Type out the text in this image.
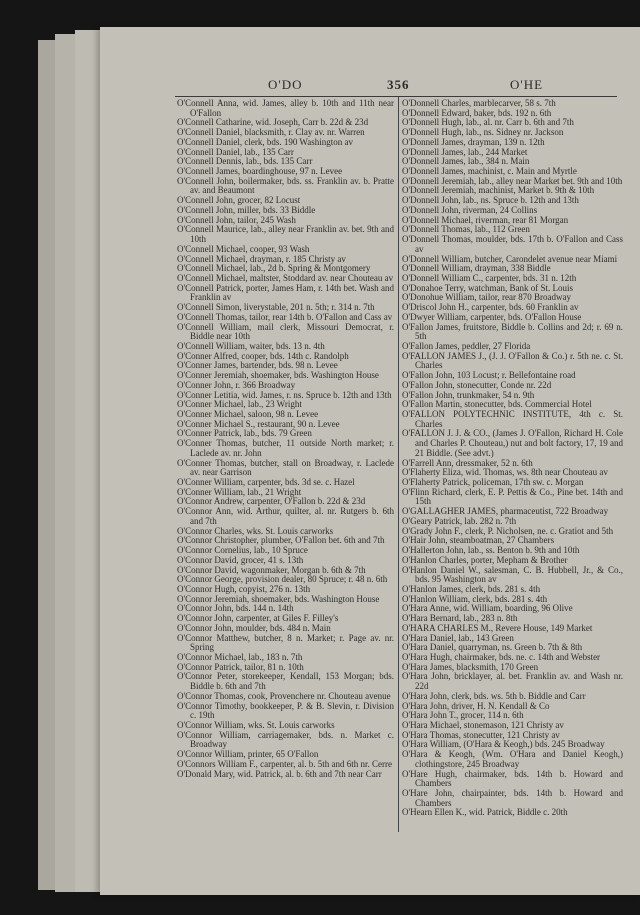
O'DO	356	O'HE
O'Connell Anna, wid. James, alley b. 10th and 11th near O'Fallon
O'Connell Catharine, wid. Joseph, Carr b. 22d & 23d
O'Connell Daniel, blacksmith, r. Clay av. nr. Warren
O'Connell Daniel, clerk, bds. 190 Washington av
O'Connell Daniel, lab., 135 Carr
O'Connell Dennis, lab., bds. 135 Carr
O'Connell James, boardinghouse, 97 n. Levee
O'Connell John, boilermaker, bds. ss. Franklin av. b. Pratte av. and Beaumont
O'Connell John, grocer, 82 Locust
O'Connell John, miller, bds. 33 Biddle
O'Connell John, tailor, 245 Wash
O'Connell Maurice, lab., alley near Franklin av. bet. 9th and 10th
O'Connell Michael, cooper, 93 Wash
O'Connell Michael, drayman, r. 185 Christy av
O'Connell Michael, lab., 2d b. Spring & Montgomery
O'Connell Michael, maltster, Stoddard av. near Chouteau av
O'Connell Patrick, porter, James Ham, r. 14th bet. Wash and Franklin av
O'Connell Simon, liverystable, 201 n. 5th; r. 314 n. 7th
O'Connell Thomas, tailor, rear 14th b. O'Fallon and Cass av
O'Connell William, mail clerk, Missouri Democrat, r. Biddle near 10th
O'Connell William, waiter, bds. 13 n. 4th
O'Conner Alfred, cooper, bds. 14th c. Randolph
O'Conner James, bartender, bds. 98 n. Levee
O'Conner Jeremiah, shoemaker, bds. Washington House
O'Conner John, r. 366 Broadway
O'Conner Letitia, wid. James, r. ns. Spruce b. 12th and 13th
O'Conner Michael, lab., 23 Wright
O'Conner Michael, saloon, 98 n. Levee
O'Conner Michael S., restaurant, 90 n. Levee
O'Conner Patrick, lab., bds. 79 Green
O'Conner Thomas, butcher, 11 outside North market; r. Laclede av. nr. John
O'Conner Thomas, butcher, stall on Broadway, r. Laclede av. near Garrison
O'Conner William, carpenter, bds. 3d se. c. Hazel
O'Conner William, lab., 21 Wright
O'Connor Andrew, carpenter, O'Fallon b. 22d & 23d
O'Connor Ann, wid. Arthur, quilter, al. nr. Rutgers b. 6th and 7th
O'Connor Charles, wks. St. Louis carworks
O'Connor Christopher, plumber, O'Fallon bet. 6th and 7th
O'Connor Cornelius, lab., 10 Spruce
O'Connor David, grocer, 41 s. 13th
O'Connor David, wagonmaker, Morgan b. 6th & 7th
O'Connor George, provision dealer, 80 Spruce; r. 48 n. 6th
O'Connor Hugh, copyist, 276 n. 13th
O'Connor Jeremiah, shoemaker, bds. Washington House
O'Connor John, bds. 144 n. 14th
O'Connor John, carpenter, at Giles F. Filley's
O'Connor John, moulder, bds. 484 n. Main
O'Connor Matthew, butcher, 8 n. Market; r. Page av. nr. Spring
O'Connor Michael, lab., 183 n. 7th
O'Connor Patrick, tailor, 81 n. 10th
O'Connor Peter, storekeeper, Kendall, 153 Morgan; bds. Biddle b. 6th and 7th
O'Connor Thomas, cook, Provenchere nr. Chouteau avenue
O'Connor Timothy, bookkeeper, P. & B. Slevin, r. Division c. 19th
O'Connor William, wks. St. Louis carworks
O'Connor William, carriagemaker, bds. n. Market c. Broadway
O'Connor William, printer, 65 O'Fallon
O'Connors William F., carpenter, al. b. 5th and 6th nr. Cerre
O'Donald Mary, wid. Patrick, al. b. 6th and 7th near Carr
O'Donnell Charles, marblecarver, 58 s. 7th
O'Donnell Edward, baker, bds. 192 n. 6th
O'Donnell Hugh, lab., al. nr. Carr b. 6th and 7th
O'Donnell Hugh, lab., ns. Sidney nr. Jackson
O'Donnell James, drayman, 139 n. 12th
O'Donnell James, lab., 244 Market
O'Donnell James, lab., 384 n. Main
O'Donnell James, machinist, c. Main and Myrtle
O'Donnell Jeremiah, lab., alley near Market bet. 9th and 10th
O'Donnell Jeremiah, machinist, Market b. 9th & 10th
O'Donnell John, lab., ns. Spruce b. 12th and 13th
O'Donnell John, riverman, 24 Collins
O'Donnell Michael, riverman, rear 81 Morgan
O'Donnell Thomas, lab., 112 Green
O'Donnell Thomas, moulder, bds. 17th b. O'Fallon and Cass av
O'Donnell William, butcher, Carondelet avenue near Miami
O'Donnell William, drayman, 338 Biddle
O'Donnell William C., carpenter, bds. 31 n. 12th
O'Donahoe Terry, watchman, Bank of St. Louis
O'Donohue William, tailor, rear 870 Broadway
O'Driscol John H., carpenter, bds. 60 Franklin av
O'Dwyer William, carpenter, bds. O'Fallon House
O'Fallon James, fruitstore, Biddle b. Collins and 2d; r. 69 n. 5th
O'Fallon James, peddler, 27 Florida
O'FALLON JAMES J., (J. J. O'Fallon & Co.) r. 5th ne. c. St. Charles
O'Fallon John, 103 Locust; r. Bellefontaine road
O'Fallon John, stonecutter, Conde nr. 22d
O'Fallon John, trunkmaker, 54 n. 9th
O'Fallon Martin, stonecutter, bds. Commercial Hotel
O'FALLON POLYTECHNIC INSTITUTE, 4th c. St. Charles
O'FALLON J. J. & CO., (James J. O'Fallon, Richard H. Cole and Charles P. Chouteau,) nut and bolt factory, 17, 19 and 21 Biddle. (See advt.)
O'Farrell Ann, dressmaker, 52 n. 6th
O'Flaherty Eliza, wid. Thomas, ws. 8th near Chouteau av
O'Flaherty Patrick, policeman, 17th sw. c. Morgan
O'Flinn Richard, clerk, E. P. Pettis & Co., Pine bet. 14th and 15th
O'GALLAGHER JAMES, pharmaceutist, 722 Broadway
O'Geary Patrick, lab. 282 n. 7th
O'Grady John F., clerk, P. Nicholsen, ne. c. Gratiot and 5th
O'Hair John, steamboatman, 27 Chambers
O'Hallerton John, lab., ss. Benton b. 9th and 10th
O'Hanlon Charles, porter, Mepham & Brother
O'Hanlon Daniel W., salesman, C. B. Hubbell, Jr., & Co., bds. 95 Washington av
O'Hanlon James, clerk, bds. 281 s. 4th
O'Hanlon William, clerk, bds. 281 s. 4th
O'Hara Anne, wid. William, boarding, 96 Olive
O'Hara Bernard, lab., 283 n. 8th
O'HARA CHARLES M., Revere House, 149 Market
O'Hara Daniel, lab., 143 Green
O'Hara Daniel, quarryman, ns. Green b. 7th & 8th
O'Hara Hugh, chairmaker, bds. ne. c. 14th and Webster
O'Hara James, blacksmith, 170 Green
O'Hara John, bricklayer, al. bet. Franklin av. and Wash nr. 22d
O'Hara John, clerk, bds. ws. 5th b. Biddle and Carr
O'Hara John, driver, H. N. Kendall & Co
O'Hara John T., grocer, 114 n. 6th
O'Hara Michael, stonemason, 121 Christy av
O'Hara Thomas, stonecutter, 121 Christy av
O'Hara William, (O'Hara & Keogh,) bds. 245 Broadway
O'Hara & Keogh, (Wm. O'Hara and Daniel Keogh,) clothingstore, 245 Broadway
O'Hare Hugh, chairmaker, bds. 14th b. Howard and Chambers
O'Hare John, chairpainter, bds. 14th b. Howard and Chambers
O'Hearn Ellen K., wid. Patrick, Biddle c. 20th
